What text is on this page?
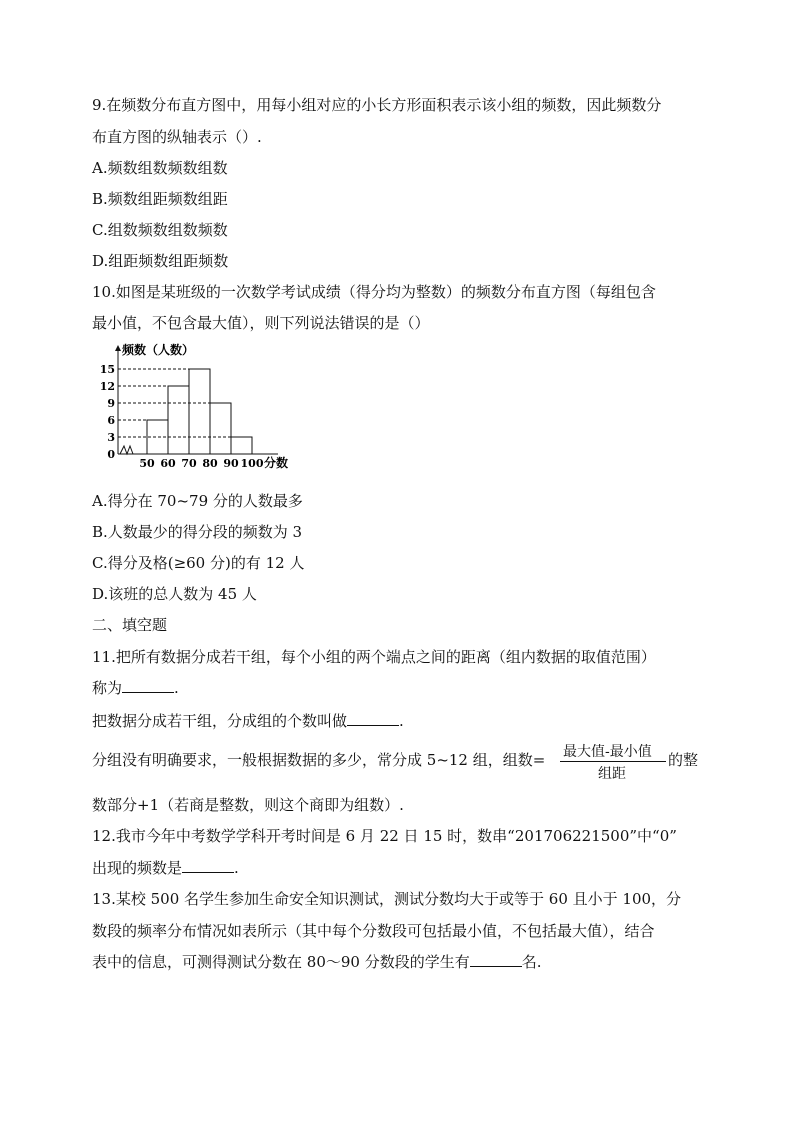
9.在频数分布直方图中，用每小组对应的小长方形面积表示该小组的频数，因此频数分
布直方图的纵轴表示（）.
A.频数组数频数组数
B.频数组距频数组距
C.组数频数组数频数
D.组距频数组距频数
10.如图是某班级的一次数学考试成绩（得分均为整数）的频数分布直方图（每组包含
最小值，不包含最大值），则下列说法错误的是（）
0
3
6
9
12
15
50 60 70 80 90 100
频数（人数）
分数
A.得分在 70~79 分的人数最多
B.人数最少的得分段的频数为 3
C.得分及格(≥60 分)的有 12 人
D.该班的总人数为 45 人
二、填空题
11.把所有数据分成若干组，每个小组的两个端点之间的距离（组内数据的取值范围）
称为	.
把数据分成若干组，分成组的个数叫做	.
分组没有明确要求，一般根据数据的多少，常分成 5~12 组，组数= 最大值-最小值
组距
的整
数部分+1（若商是整数，则这个商即为组数）.
12.我市今年中考数学学科开考时间是 6 月 22 日 15 时，数串“201706221500”中“0”
出现的频数是	.
13.某校 500 名学生参加生命安全知识测试，测试分数均大于或等于 60 且小于 100，分
数段的频率分布情况如表所示（其中每个分数段可包括最小值，不包括最大值），结合
表中的信息，可测得测试分数在 80～90 分数段的学生有	名.
